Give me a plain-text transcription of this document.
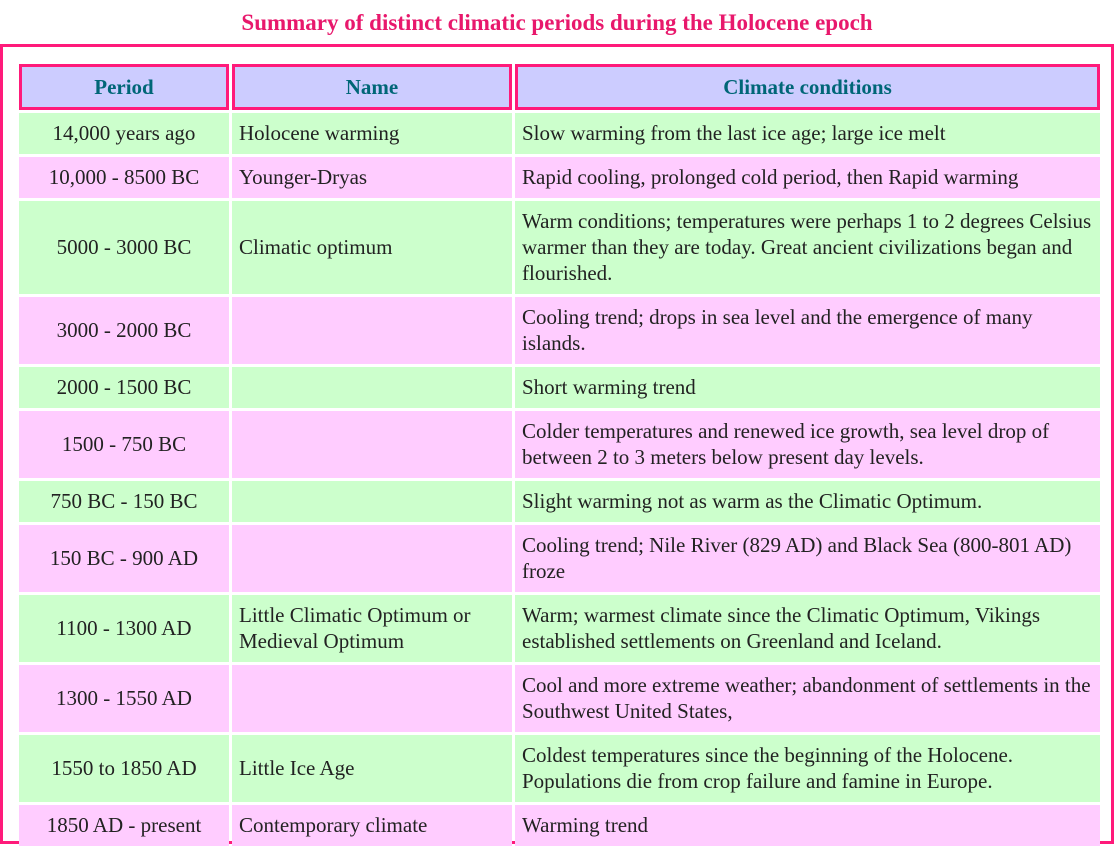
Summary of distinct climatic periods during the Holocene epoch
Period	Name	Climate conditions
14,000 years ago	Holocene warming	Slow warming from the last ice age; large ice melt
10,000 - 8500 BC	Younger-Dryas	Rapid cooling, prolonged cold period, then Rapid warming
5000 - 3000 BC	Climatic optimum	Warm conditions; temperatures were perhaps 1 to 2 degrees Celsius warmer than they are today. Great ancient civilizations began and flourished.
3000 - 2000 BC		Cooling trend; drops in sea level and the emergence of many islands.
2000 - 1500 BC		Short warming trend
1500 - 750 BC		Colder temperatures and renewed ice growth, sea level drop of between 2 to 3 meters below present day levels.
750 BC - 150 BC		Slight warming not as warm as the Climatic Optimum.
150 BC - 900 AD		Cooling trend; Nile River (829 AD) and Black Sea (800-801 AD) froze
1100 - 1300 AD	Little Climatic Optimum or Medieval Optimum	Warm; warmest climate since the Climatic Optimum, Vikings established settlements on Greenland and Iceland.
1300 - 1550 AD		Cool and more extreme weather; abandonment of settlements in the Southwest United States,
1550 to 1850 AD	Little Ice Age	Coldest temperatures since the beginning of the Holocene. Populations die from crop failure and famine in Europe.
1850 AD - present	Contemporary climate	Warming trend
